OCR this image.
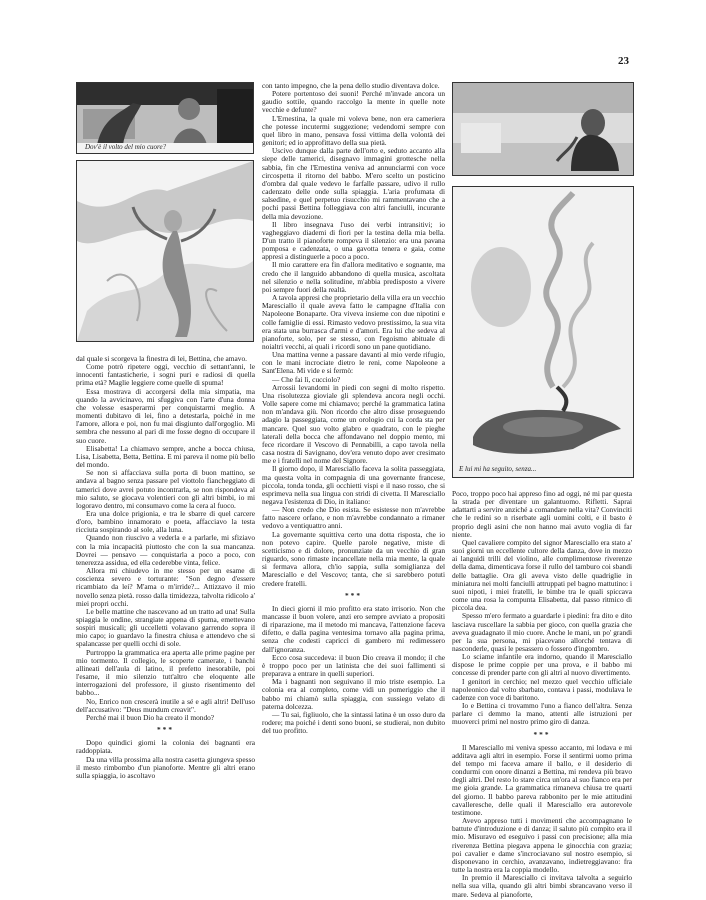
23
Dov'è il volto del mio cuore?
E lui mi ha seguito, senza...

dal quale si scorgeva la finestra di lei, Bettina, che amavo.

Come potrò ripetere oggi, vecchio di settant'anni, le innocenti fantasticherie, i sogni puri e radiosi di quella prima età? Maglie leggiere come quelle di spuma!

Essa mostrava di accorgersi della mia simpatia, ma quando la avvicinavo, mi sfuggiva con l'arte d'una donna che volesse esasperarmi per conquistarmi meglio. A momenti dubitavo di lei, fino a detestarla, poiché in me l'amore, allora e poi, non fu mai disgiunto dall'orgoglio. Mi sembra che nessuno al pari di me fosse degno di occupare il suo cuore.

Elisabetta! La chiamavo sempre, anche a bocca chiusa, Lisa, Lisabetta, Betta, Bettina. E mi pareva il nome più bello del mondo.

Se non si affacciava sulla porta di buon mattino, se andava al bagno senza passare pel viottolo fiancheggiato di tamerici dove avrei potuto incontrarla, se non rispondeva al mio saluto, se giocava volentieri con gli altri bimbi, io mi logoravo dentro, mi consumavo come la cera al fuoco.

Era una dolce prigionia, e tra le sbarre di quel carcere d'oro, bambino innamorato e poeta, affacciavo la testa ricciuta sospirando al sole, alla luna.

Quando non riuscivo a vederla e a parlarle, mi sfiziavo con la mia incapacità piuttosto che con la sua mancanza. Dovrei — pensavo — conquistarla a poco a poco, con tenerezza assidua, ed ella cederebbe vinta, felice.

Allora mi chiudevo in me stesso per un esame di coscienza severo e torturante: "Son degno d'essere ricambiato da lei? M'ama o m'irride?... Attizzavo il mio novello senza pietà. rosso dalla timidezza, talvolta ridicolo a' miei propri occhi.

Le belle mattine che nascevano ad un tratto ad una! Sulla spiaggia le ondine, strangiate appena di spuma, emettevano sospiri musicali; gli uccelletti volavano garrendo sopra il mio capo; io guardavo la finestra chiusa e attendevo che si spalancasse per quelli occhi di sole.

Purtroppo la grammatica era aperta alle prime pagine per mio tormento. Il collegio, le scoperte camerate, i banchi allineati dell'aula di latino, il prefetto inesorabile, poi l'esame, il mio silenzio tutt'altro che eloquente alle interrogazioni del professore, il giusto risentimento del babbo...

No, Enrico non crescerà inutile a sé e agli altri! Dell'uso dell'accusativo: "Deus mundum creavit".

Perché mai il buon Dio ha creato il mondo?

***

Dopo quindici giorni la colonia dei bagnanti era raddoppiata.

Da una villa prossima alla nostra casetta giungeva spesso il mesto rimbombo d'un pianoforte. Mentre gli altri erano sulla spiaggia, io ascoltavo

con tanto impegno, che la pena dello studio diventava dolce.

Potere portentoso dei suoni! Perché m'invade ancora un gaudio sottile, quando raccolgo la mente in quelle note vecchie e defunte?

L'Ernestina, la quale mi voleva bene, non era cameriera che potesse incutermi suggezione; vedendomi sempre con quel libro in mano, pensava fossi vittima della volontà dei genitori; ed io approfittavo della sua pietà.

Uscivo dunque dalla parte dell'orto e, seduto accanto alla siepe delle tamerici, disegnavo immagini grottesche nella sabbia, fin che l'Ernestina veniva ad annunciarmi con voce circospetta il ritorno del babbo. M'ero scelto un posticino d'ombra dal quale vedevo le farfalle passare, udivo il rullo cadenzato delle onde sulla spiaggia. L'aria profumata di salsedine, e quel perpetuo risucchio mi rammentavano che a pochi passi Bettina folleggiava con altri fanciulli, incurante della mia devozione.

Il libro insegnava l'uso dei verbi intransitivi; io vagheggiavo diademi di fiori per la testina della mia bella. D'un tratto il pianoforte rompeva il silenzio: era una pavana pomposa e cadenzata, o una gavotta tenera e gaia, come appresi a distinguerle a poco a poco.

Il mio carattere era fin d'allora meditativo e sognante, ma credo che il languido abbandono di quella musica, ascoltata nel silenzio e nella solitudine, m'abbia predisposto a vivere poi sempre fuori della realtà.

A tavola appresi che proprietario della villa era un vecchio Maresciallo il quale aveva fatto le campagne d'Italia con Napoleone Bonaparte. Ora viveva insieme con due nipotini e colle famiglie di essi. Rimasto vedovo prestissimo, la sua vita era stata una burrasca d'armi e d'amori. Era lui che sedeva al pianoforte, solo, per se stesso, con l'egoismo abituale di noialtri vecchi, ai quali i ricordi sono un pane quotidiano.

Una mattina venne a passare davanti al mio verde rifugio, con le mani incrociate dietro le reni, come Napoleone a Sant'Elena. Mi vide e si fermò:

— Che fai lì, cucciolo?

Arrossii levandomi in piedi con segni di molto rispetto. Una risolutezza gioviale gli splendeva ancora negli occhi. Volle sapere come mi chiamavo; perché la grammatica latina non m'andava giù. Non ricordo che altro disse proseguendo adagio la passeggiata, come un orologio cui la corda sta per mancare. Quel suo volto glabro e quadrato, con le pieghe laterali della bocca che affondavano nel doppio mento, mi fece ricordare il Vescovo di Pennabilli, a capo tavola nella casa nostra di Savignano, dov'era venuto dopo aver cresimato me e i fratelli nel nome del Signore.

Il giorno dopo, il Maresciallo faceva la solita passeggiata, ma questa volta in compagnia di una governante francese, piccola, tonda tonda, gli occhietti vispi e il naso rosso, che si esprimeva nella sua lingua con stridi di civetta. Il Maresciallo negava l'esistenza di Dio, in italiano:

— Non credo che Dio esista. Se esistesse non m'avrebbe fatto nascere orfano, e non m'avrebbe condannato a rimaner vedovo a ventiquattro anni.

La governante squittiva certo una dotta risposta, che io non potevo capire. Quelle parole negative, miste di scetticismo e di dolore, pronunziate da un vecchio di gran riguardo, sono rimaste incancellate nella mia mente, la quale si fermava allora, ch'io sappia, sulla somiglianza del Maresciallo e del Vescovo; tanta, che si sarebbero potuti credere fratelli.

***

In dieci giorni il mio profitto era stato irrisorio. Non che mancasse il buon volere, anzi ero sempre avviato a propositi di riparazione, ma il metodo mi mancava, l'attenzione faceva difetto, e dalla pagina ventesima tornavo alla pagina prima, senza che codesti capricci di gambero mi redimessero dall'ignoranza.

Ecco cosa succedeva: il buon Dio creava il mondo; il che è troppo poco per un latinista che dei suoi fallimenti si preparava a entrare in quelli superiori.

Ma i bagnanti non seguivano il mio triste esempio. La colonia era al completo, come vidi un pomeriggio che il babbo mi chiamò sulla spiaggia, con sussiego velato di paterna dolcezza.

— Tu sai, figliuolo, che la sintassi latina è un osso duro da rodere; ma poiché i denti sono buoni, se studierai, non dubito del tuo profitto.

Poco, troppo poco hai appreso fino ad oggi, né mi par questa la strada per diventare un galantuomo. Rifletti. Saprai adattarti a servire anziché a comandare nella vita? Convinciti che le redini so n riserbate agli uomini colti, e il basto è proprio degli asini che non hanno mai avuto voglia di far niente.

Quel cavaliere compito del signor Maresciallo era stato a' suoi giorni un eccellente cultore della danza, dove in mezzo ai languidi trilli del violino, alle complimentose riverenze della dama, dimenticava forse il rullo del tamburo coi sbandi delle battaglie. Ora gli aveva visto delle quadriglie in miniatura nei molti fanciulli attruppati pel bagno mattutino: i suoi nipoti, i miei fratelli, le bimbe tra le quali spiccava come una rosa la compunta Elisabetta, dal passo ritmico di piccola dea.

Spesso m'ero fermato a guardarle i piedini: fra dito e dito lasciava ruscellare la sabbia per gioco, con quella grazia che aveva guadagnato il mio cuore. Anche le mani, un po' grandi per la sua persona, mi piacevano allorché tentava di nasconderle, quasi le pesassero o fossero d'ingombro.

Lo sciame infantile era indorno, quando il Maresciallo dispose le prime coppie per una prova, e il babbo mi concesse di prender parte con gli altri al nuovo divertimento.

I genitori in cerchio; nel mezzo quel vecchio ufficiale napoleonico dal volto sbarbato, contava i passi, modulava le cadenze con voce di baritono.

Io e Bettina ci trovammo l'uno a fianco dell'altra. Senza parlare ci demmo la mano, attenti alle istruzioni per muoverci primi nel nostro primo giro di danza.

***

Il Maresciallo mi veniva spesso accanto, mi lodava e mi additava agli altri in esempio. Forse il sentirmi uomo prima del tempo mi faceva amare il ballo, e il desiderio di condurmi con onore dinanzi a Bettina, mi rendeva più bravo degli altri. Del resto lo stare circa un'ora al suo fianco era per me gioia grande. La grammatica rimaneva chiusa tre quarti del giorno. Il babbo pareva rabbonito per le mie attitudini cavalleresche, delle quali il Maresciallo era autorevole testimone.

Avevo appreso tutti i movimenti che accompagnano le battute d'introduzione e di danza; il saluto più compito era il mio. Misuravo ed eseguivo i passi con precisione; alla mia riverenza Bettina piegava appena le ginocchia con grazia; poi cavalier e dame s'incrociavano sul nostro esempio, si disponevano in cerchio, avanzavano, indietreggiavano: fra tutte la nostra era la coppia modello.

In premio il Maresciallo ci invitava talvolta a seguirlo nella sua villa, quando gli altri bimbi sbrancavano verso il mare. Sedeva al pianoforte,
